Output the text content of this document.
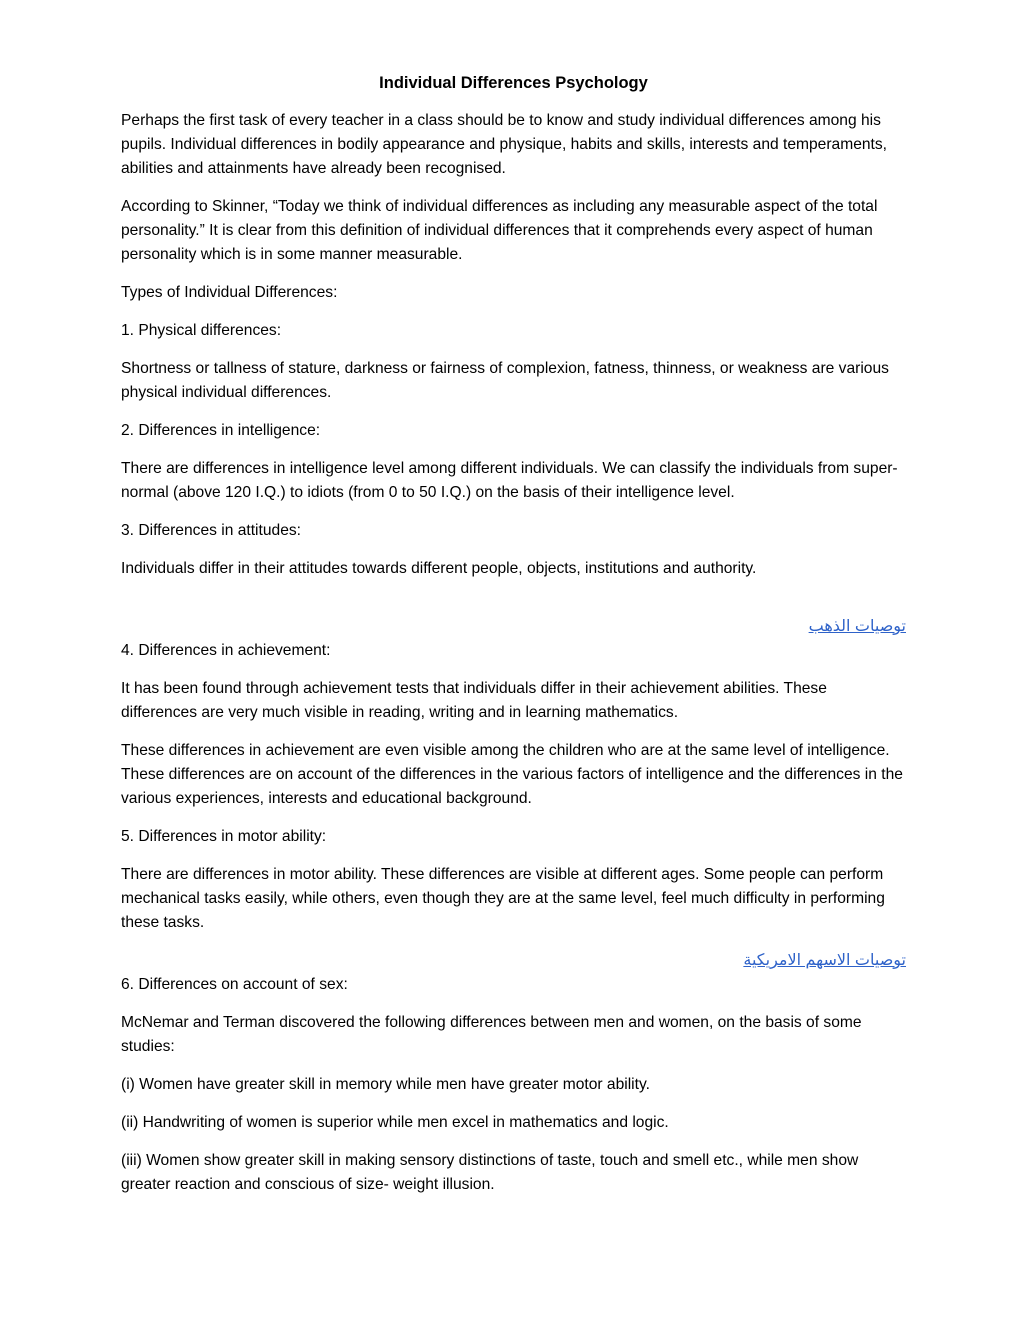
Individual Differences Psychology

Perhaps the first task of every teacher in a class should be to know and study individual differences among his pupils. Individual differences in bodily appearance and physique, habits and skills, interests and temperaments, abilities and attainments have already been recognised.

According to Skinner, “Today we think of individual differences as including any measurable aspect of the total personality.” It is clear from this definition of individual differences that it comprehends every aspect of human personality which is in some manner measurable.

Types of Individual Differences:

1. Physical differences:

Shortness or tallness of stature, darkness or fairness of complexion, fatness, thinness, or weakness are various physical individual differences.

2. Differences in intelligence:

There are differences in intelligence level among different individuals. We can classify the individuals from super-normal (above 120 I.Q.) to idiots (from 0 to 50 I.Q.) on the basis of their intelligence level.

3. Differences in attitudes:

Individuals differ in their attitudes towards different people, objects, institutions and authority.

توصيات الذهب

4. Differences in achievement:

It has been found through achievement tests that individuals differ in their achievement abilities. These differences are very much visible in reading, writing and in learning mathematics.

These differences in achievement are even visible among the children who are at the same level of intelligence. These differences are on account of the differences in the various factors of intelligence and the differences in the various experiences, interests and educational background.

5. Differences in motor ability:

There are differences in motor ability. These differences are visible at different ages. Some people can perform mechanical tasks easily, while others, even though they are at the same level, feel much difficulty in performing these tasks.

توصيات الاسهم الامريكية

6. Differences on account of sex:

McNemar and Terman discovered the following differences between men and women, on the basis of some studies:

(i) Women have greater skill in memory while men have greater motor ability.

(ii) Handwriting of women is superior while men excel in mathematics and logic.

(iii) Women show greater skill in making sensory distinctions of taste, touch and smell etc., while men show greater reaction and conscious of size- weight illusion.
